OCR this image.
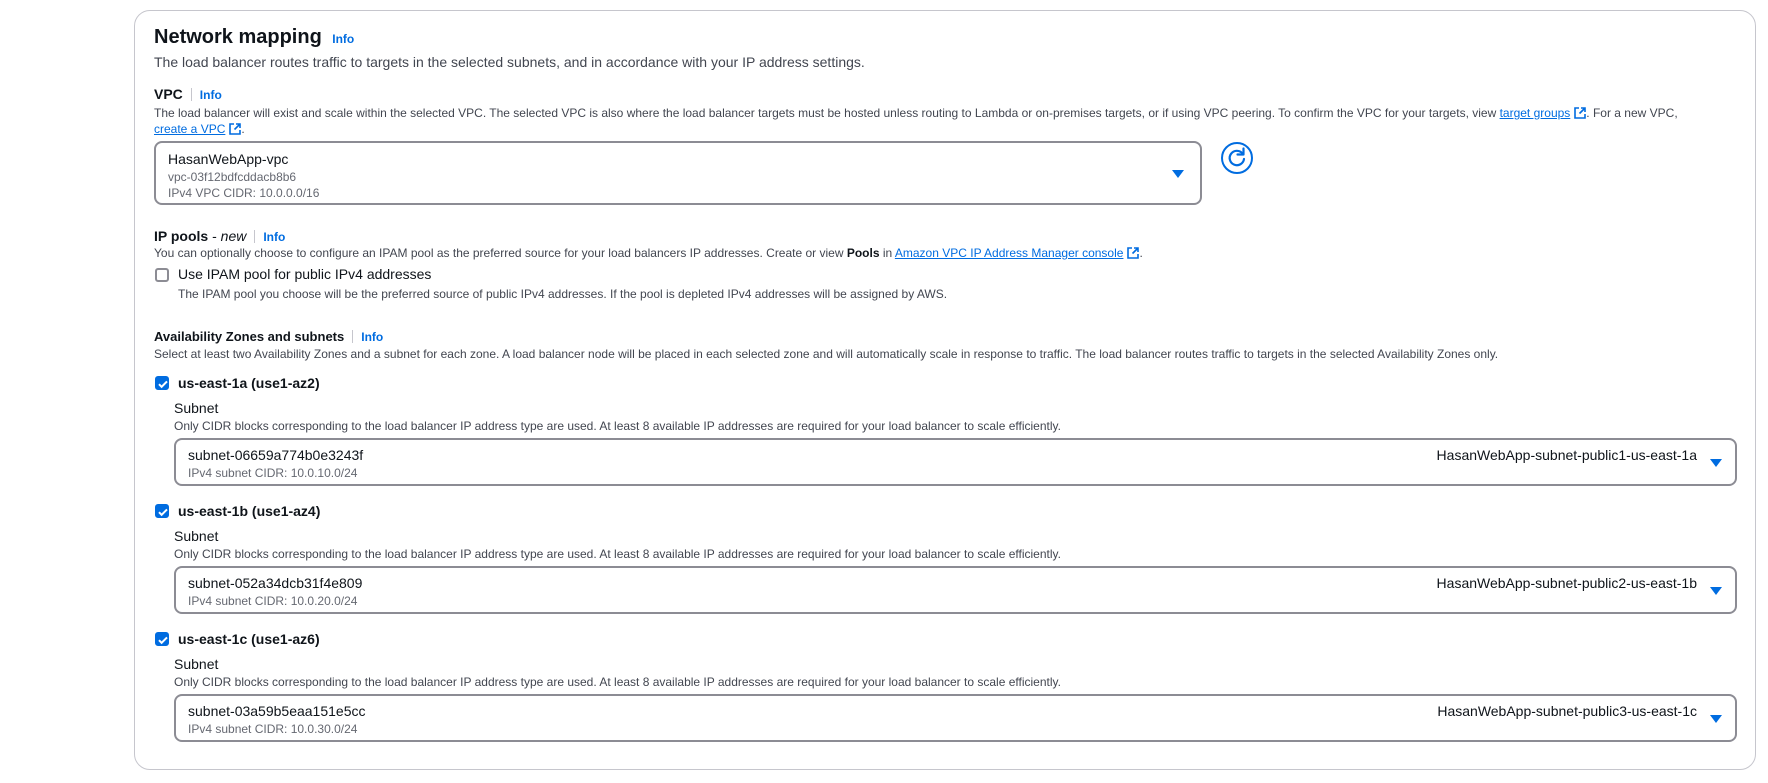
Network mapping Info
The load balancer routes traffic to targets in the selected subnets, and in accordance with your IP address settings.
VPC Info
The load balancer will exist and scale within the selected VPC. The selected VPC is also where the load balancer targets must be hosted unless routing to Lambda or on-premises targets, or if using VPC peering. To confirm the VPC for your targets, view target groups . For a new VPC,
create a VPC .
HasanWebApp-vpc
vpc-03f12bdfcddacb8b6
IPv4 VPC CIDR: 10.0.0.0/16
IP pools - new Info
You can optionally choose to configure an IPAM pool as the preferred source for your load balancers IP addresses. Create or view Pools in Amazon VPC IP Address Manager console .
Use IPAM pool for public IPv4 addresses
The IPAM pool you choose will be the preferred source of public IPv4 addresses. If the pool is depleted IPv4 addresses will be assigned by AWS.
Availability Zones and subnets Info
Select at least two Availability Zones and a subnet for each zone. A load balancer node will be placed in each selected zone and will automatically scale in response to traffic. The load balancer routes traffic to targets in the selected Availability Zones only.
us-east-1a (use1-az2)
Subnet
Only CIDR blocks corresponding to the load balancer IP address type are used. At least 8 available IP addresses are required for your load balancer to scale efficiently.
subnet-06659a774b0e3243f
IPv4 subnet CIDR: 10.0.10.0/24
HasanWebApp-subnet-public1-us-east-1a
us-east-1b (use1-az4)
Subnet
Only CIDR blocks corresponding to the load balancer IP address type are used. At least 8 available IP addresses are required for your load balancer to scale efficiently.
subnet-052a34dcb31f4e809
IPv4 subnet CIDR: 10.0.20.0/24
HasanWebApp-subnet-public2-us-east-1b
us-east-1c (use1-az6)
Subnet
Only CIDR blocks corresponding to the load balancer IP address type are used. At least 8 available IP addresses are required for your load balancer to scale efficiently.
subnet-03a59b5eaa151e5cc
IPv4 subnet CIDR: 10.0.30.0/24
HasanWebApp-subnet-public3-us-east-1c
